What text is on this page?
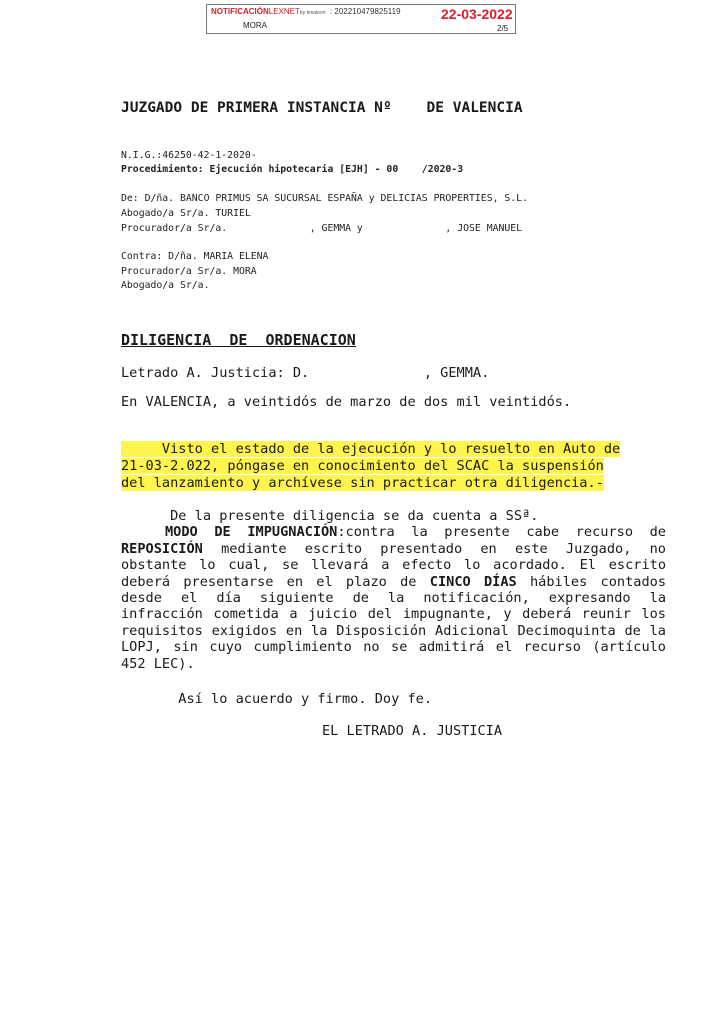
NOTIFICACIÓNLEXNETby kmaleon : 202210479825119
MORA
22-03-2022
2/5
JUZGADO DE PRIMERA INSTANCIA Nº    DE VALENCIA
N.I.G.:46250-42-1-2020-
Procedimiento: Ejecución hipotecaria [EJH] - 00    /2020-3
De: D/ña. BANCO PRIMUS SA SUCURSAL ESPAÑA y DELICIAS PROPERTIES, S.L.
Abogado/a Sr/a. TURIEL
Procurador/a Sr/a.              , GEMMA y              , JOSE MANUEL
Contra: D/ña. MARIA ELENA
Procurador/a Sr/a. MORA
Abogado/a Sr/a.
DILIGENCIA  DE  ORDENACION
Letrado A. Justicia: D.              , GEMMA.
En VALENCIA, a veintidós de marzo de dos mil veintidós.
Visto el estado de la ejecución y lo resuelto en Auto de
21-03-2.022, póngase en conocimiento del SCAC la suspensión
del lanzamiento y archívese sin practicar otra diligencia.-
De la presente diligencia se da cuenta a SSª.

MODO DE IMPUGNACIÓN:contra la presente cabe recurso de REPOSICIÓN mediante escrito presentado en este Juzgado, no obstante lo cual, se llevará a efecto lo acordado. El escrito deberá presentarse en el plazo de CINCO DÍAS hábiles contados desde el día siguiente de la notificación, expresando la infracción cometida a juicio del impugnante, y deberá reunir los requisitos exigidos en la Disposición Adicional Decimoquinta de la LOPJ, sin cuyo cumplimiento no se admitirá el recurso (artículo 452 LEC).

Así lo acuerdo y firmo. Doy fe.
EL LETRADO A. JUSTICIA
